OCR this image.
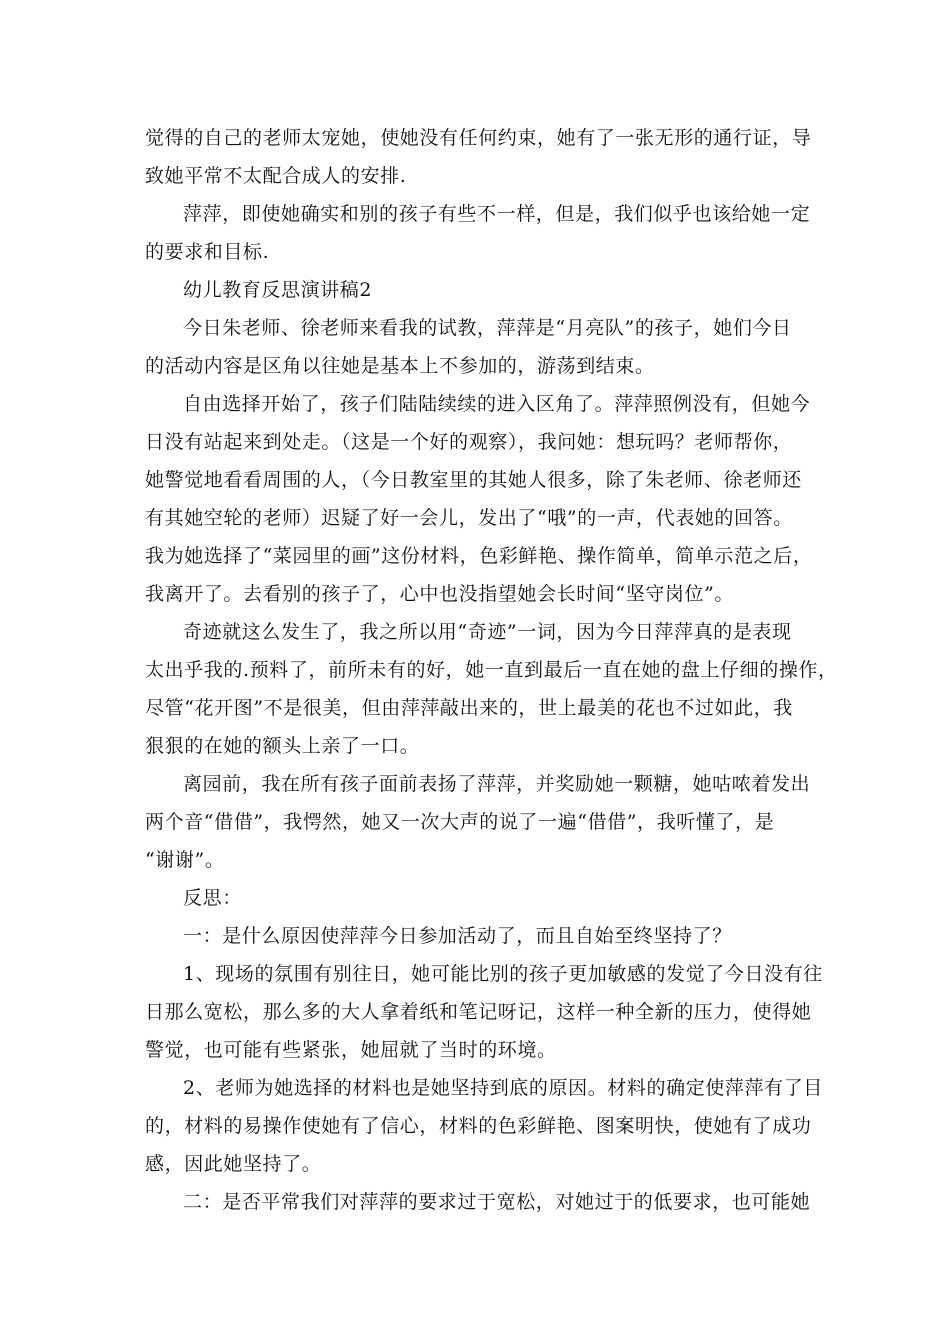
觉得的自己的老师太宠她，使她没有任何约束，她有了一张无形的通行证，导
致她平常不太配合成人的安排.
萍萍，即使她确实和别的孩子有些不一样，但是，我们似乎也该给她一定
的要求和目标.
幼儿教育反思演讲稿2
今日朱老师、徐老师来看我的试教，萍萍是“月亮队”的孩子，她们今日
的活动内容是区角以往她是基本上不参加的，游荡到结束。
自由选择开始了，孩子们陆陆续续的进入区角了。萍萍照例没有，但她今
日没有站起来到处走。（这是一个好的观察），我问她：想玩吗？老师帮你，
她警觉地看看周围的人，（今日教室里的其她人很多，除了朱老师、徐老师还
有其她空轮的老师）迟疑了好一会儿，发出了“哦”的一声，代表她的回答。
我为她选择了“菜园里的画”这份材料，色彩鲜艳、操作简单，简单示范之后，
我离开了。去看别的孩子了，心中也没指望她会长时间“坚守岗位”。
奇迹就这么发生了，我之所以用“奇迹”一词，因为今日萍萍真的是表现
太出乎我的.预料了，前所未有的好，她一直到最后一直在她的盘上仔细的操作，
尽管“花开图”不是很美，但由萍萍敲出来的，世上最美的花也不过如此，我
狠狠的在她的额头上亲了一口。
离园前，我在所有孩子面前表扬了萍萍，并奖励她一颗糖，她咕哝着发出
两个音“借借”，我愕然，她又一次大声的说了一遍“借借”，我听懂了，是
“谢谢”。
反思：
一：是什么原因使萍萍今日参加活动了，而且自始至终坚持了？
1、现场的氛围有别往日，她可能比别的孩子更加敏感的发觉了今日没有往
日那么宽松，那么多的大人拿着纸和笔记呀记，这样一种全新的压力，使得她
警觉，也可能有些紧张，她屈就了当时的环境。
2、老师为她选择的材料也是她坚持到底的原因。材料的确定使萍萍有了目
的，材料的易操作使她有了信心，材料的色彩鲜艳、图案明快，使她有了成功
感，因此她坚持了。
二：是否平常我们对萍萍的要求过于宽松，对她过于的低要求，也可能她
